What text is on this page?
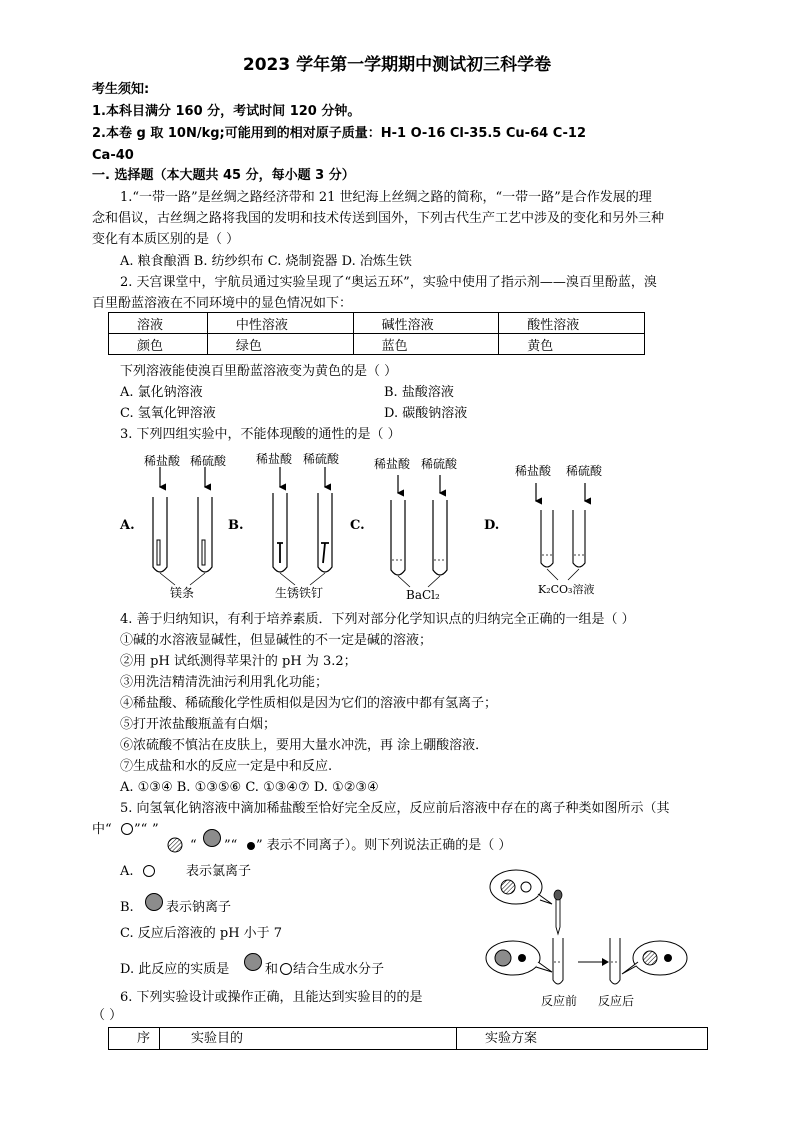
2023 学年第一学期期中测试初三科学卷
考生须知:
1.本科目满分 160 分，考试时间 120 分钟。
2.本卷 g 取 10N/kg;可能用到的相对原子质量：H-1 O-16 Cl-35.5 Cu-64 C-12
Ca-40
一. 选择题（本大题共 45 分，每小题 3 分）
1.“一带一路”是丝绸之路经济带和 21 世纪海上丝绸之路的简称，“一带一路”是合作发展的理
念和倡议，古丝绸之路将我国的发明和技术传送到国外，下列古代生产工艺中涉及的变化和另外三种
变化有本质区别的是（ ）
A. 粮食酿酒 B. 纺纱织布 C. 烧制瓷器 D. 冶炼生铁
2. 天宫课堂中，宇航员通过实验呈现了“奥运五环”，实验中使用了指示剂——溴百里酚蓝，溴
百里酚蓝溶液在不同环境中的显色情况如下：
溶液	中性溶液	碱性溶液	酸性溶液
颜色	绿色	蓝色	黄色
下列溶液能使溴百里酚蓝溶液变为黄色的是（ ）
A. 氯化钠溶液	B. 盐酸溶液
C. 氢氧化钾溶液	D. 碳酸钠溶液
3. 下列四组实验中，不能体现酸的通性的是（ ）
稀盐酸 稀硫酸 稀盐酸 稀硫酸	稀盐酸 稀硫酸	稀盐酸 稀硫酸
A.	B.	C.	D.
镁条	生锈铁钉	BaCl₂	K₂CO₃溶液
4. 善于归纳知识，有利于培养素质．下列对部分化学知识点的归纳完全正确的一组是（ ）
①碱的水溶液显碱性，但显碱性的不一定是碱的溶液；
②用 pH 试纸测得苹果汁的 pH 为 3.2；
③用洗洁精清洗油污利用乳化功能；
④稀盐酸、稀硫酸化学性质相似是因为它们的溶液中都有氢离子；
⑤打开浓盐酸瓶盖有白烟；
⑥浓硫酸不慎沾在皮肤上，要用大量水冲洗，再 涂上硼酸溶液．
⑦生成盐和水的反应一定是中和反应.
A. ①③④ B. ①③⑤⑥ C. ①③④⑦ D. ①②③④
5. 向氢氧化钠溶液中滴加稀盐酸至恰好完全反应，反应前后溶液中存在的离子种类如图所示（其
中“ ”“ ”
“ ”“ ” 表示不同离子）。则下列说法正确的是（ ）
A.	表示氯离子
B. 表示钠离子
C. 反应后溶液的 pH 小于 7
D. 此反应的实质是	和 结合生成水分子
反应前 反应后
6. 下列实验设计或操作正确，且能达到实验目的的是
（ ）
序	实验目的	实验方案
